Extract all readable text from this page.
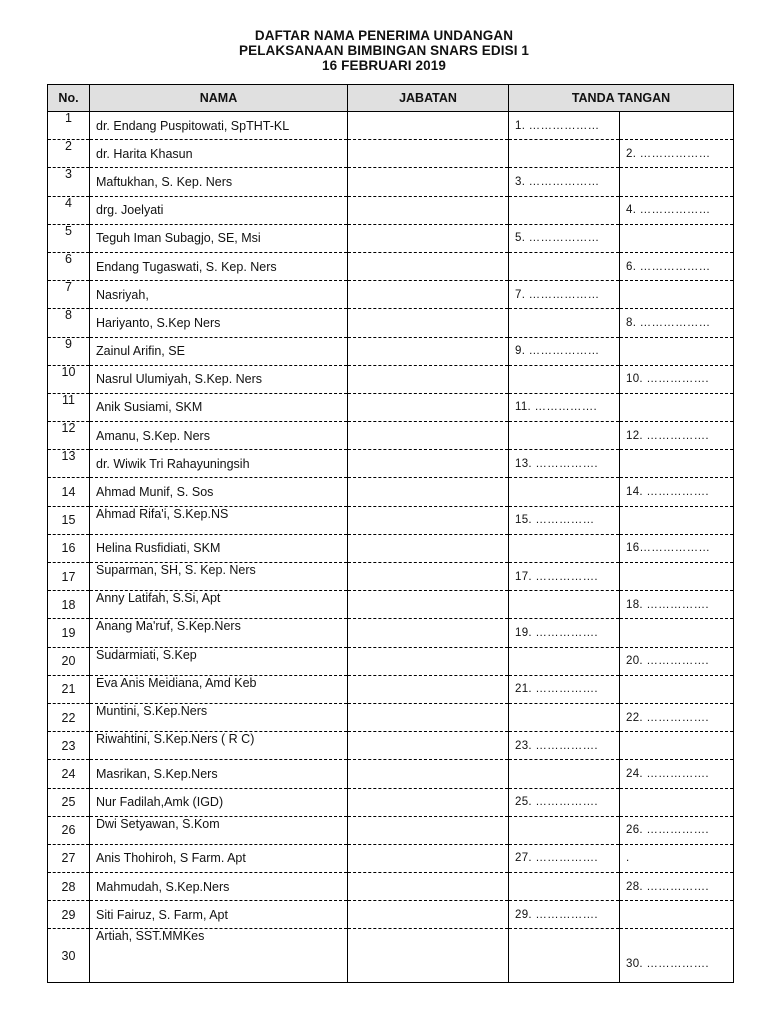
DAFTAR NAMA PENERIMA UNDANGAN
PELAKSANAAN BIMBINGAN SNARS EDISI 1
16 FEBRUARI 2019
No.	NAMA	JABATAN	TANDA TANGAN	

1	dr. Endang Puspitowati, SpTHT-KL		1. ………………	

2	dr. Harita Khasun			2. ………………

3	Maftukhan, S. Kep. Ners		3. ………………	

4	drg. Joelyati			4. ………………

5	Teguh Iman Subagjo, SE, Msi		5. ………………	

6	Endang Tugaswati, S. Kep. Ners			6. ………………

7	Nasriyah,		7. ………………	

8	Hariyanto, S.Kep Ners			8. ………………

9	Zainul Arifin, SE		9. ………………	

10	Nasrul Ulumiyah, S.Kep. Ners			10. …………….

11	Anik Susiami, SKM		11. …………….	

12	Amanu, S.Kep. Ners			12. …………….

13	dr. Wiwik Tri Rahayuningsih		13. …………….	
14	Ahmad Munif, S. Sos			14. …………….
15	Ahmad Rifa'i, S.Kep.NS		15. ……………	
16	Helina Rusfidiati, SKM			16………………
17	Suparman, SH, S. Kep. Ners		17. …………….	
18	Anny Latifah, S.Si, Apt			18. …………….
19	Anang Ma'ruf, S.Kep.Ners		19. …………….	
20	Sudarmiati, S.Kep			20. …………….
21	Eva Anis Meidiana, Amd Keb		21. …………….	
22	Muntini, S.Kep.Ners			22. …………….
23	Riwahtini, S.Kep.Ners ( R C)		23. …………….	
24	Masrikan, S.Kep.Ners			24. …………….
25	Nur Fadilah,Amk (IGD)		25. …………….	
26	Dwi Setyawan, S.Kom			26. …………….
27	Anis Thohiroh, S Farm. Apt		27. …………….	.
28	Mahmudah, S.Kep.Ners			28. …………….
29	Siti Fairuz, S. Farm, Apt		29. …………….	
30	Artiah, SST.MMKes			30. …………….
